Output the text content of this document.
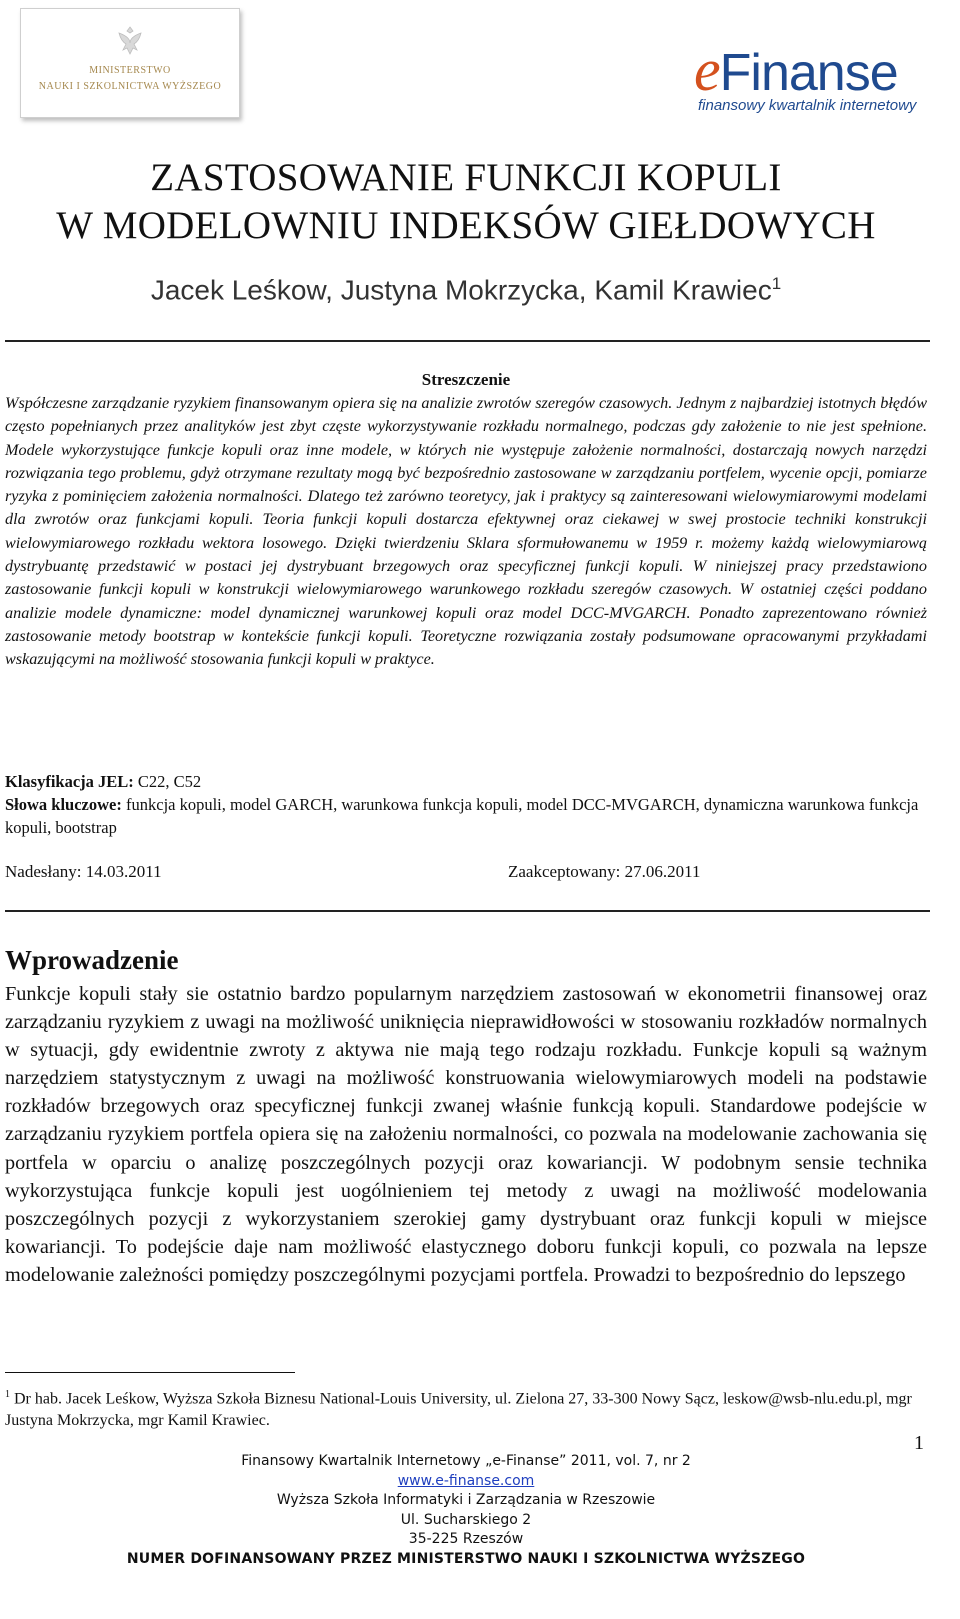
MINISTERSTWO
NAUKI I SZKOLNICTWA WYŻSZEGO	eFinanse
finansowy kwartalnik internetowy
ZASTOSOWANIE FUNKCJI KOPULI
W MODELOWNIU INDEKSÓW GIEŁDOWYCH
Jacek Leśkow, Justyna Mokrzycka, Kamil Krawiec$^1$
Streszczenie
Współczesne zarządzanie ryzykiem finansowanym opiera się na analizie zwrotów szeregów czasowych. Jednym z najbardziej istotnych błędów często popełnianych przez analityków jest zbyt częste wykorzystywanie rozkładu normalnego, podczas gdy założenie to nie jest spełnione. Modele wykorzystujące funkcje kopuli oraz inne modele, w których nie występuje założenie normalności, dostarczają nowych narzędzi rozwiązania tego problemu, gdyż otrzymane rezultaty mogą być bezpośrednio zastosowane w zarządzaniu portfelem, wycenie opcji, pomiarze ryzyka z pominięciem założenia normalności. Dlatego też zarówno teoretycy, jak i praktycy są zainteresowani wielowymiarowymi modelami dla zwrotów oraz funkcjami kopuli. Teoria funkcji kopuli dostarcza efektywnej oraz ciekawej w swej prostocie techniki konstrukcji wielowymiarowego rozkładu wektora losowego. Dzięki twierdzeniu Sklara sformułowanemu w 1959 r. możemy każdą wielowymiarową dystrybuantę przedstawić w postaci jej dystrybuant brzegowych oraz specyficznej funkcji kopuli. W niniejszej pracy przedstawiono zastosowanie funkcji kopuli w konstrukcji wielowymiarowego warunkowego rozkładu szeregów czasowych. W ostatniej części poddano analizie modele dynamiczne: model dynamicznej warunkowej kopuli oraz model DCC-MVGARCH. Ponadto zaprezentowano również zastosowanie metody bootstrap w kontekście funkcji kopuli. Teoretyczne rozwiązania zostały podsumowane opracowanymi przykładami wskazującymi na możliwość stosowania funkcji kopuli w praktyce.
Klasyfikacja JEL: C22, C52
Słowa kluczowe: funkcja kopuli, model GARCH, warunkowa funkcja kopuli, model DCC-MVGARCH, dynamiczna warunkowa funkcja kopuli, bootstrap
Nadesłany: 14.03.2011	Zaakceptowany: 27.06.2011
Wprowadzenie
Funkcje kopuli stały sie ostatnio bardzo popularnym narzędziem zastosowań w ekonometrii finansowej oraz zarządzaniu ryzykiem z uwagi na możliwość uniknięcia nieprawidłowości w stosowaniu rozkładów normalnych w sytuacji, gdy ewidentnie zwroty z aktywa nie mają tego rodzaju rozkładu. Funkcje kopuli są ważnym narzędziem statystycznym z uwagi na możliwość konstruowania wielowymiarowych modeli na podstawie rozkładów brzegowych oraz specyficznej funkcji zwanej właśnie funkcją kopuli. Standardowe podejście w zarządzaniu ryzykiem portfela opiera się na założeniu normalności, co pozwala na modelowanie zachowania się portfela w oparciu o analizę poszczególnych pozycji oraz kowariancji. W podobnym sensie technika wykorzystująca funkcje kopuli jest uogólnieniem tej metody z uwagi na możliwość modelowania poszczególnych pozycji z wykorzystaniem szerokiej gamy dystrybuant oraz funkcji kopuli w miejsce kowariancji. To podejście daje nam możliwość elastycznego doboru funkcji kopuli, co pozwala na lepsze modelowanie zależności pomiędzy poszczególnymi pozycjami portfela. Prowadzi to bezpośrednio do lepszego
$^1$ Dr hab. Jacek Leśkow, Wyższa Szkoła Biznesu National-Louis University, ul. Zielona 27, 33-300 Nowy Sącz, leskow@wsb-nlu.edu.pl, mgr Justyna Mokrzycka, mgr Kamil Krawiec.
1
Finansowy Kwartalnik Internetowy „e-Finanse” 2011, vol. 7, nr 2
www.e-finanse.com
Wyższa Szkoła Informatyki i Zarządzania w Rzeszowie
Ul. Sucharskiego 2
35-225 Rzeszów
NUMER DOFINANSOWANY PRZEZ MINISTERSTWO NAUKI I SZKOLNICTWA WYŻSZEGO
